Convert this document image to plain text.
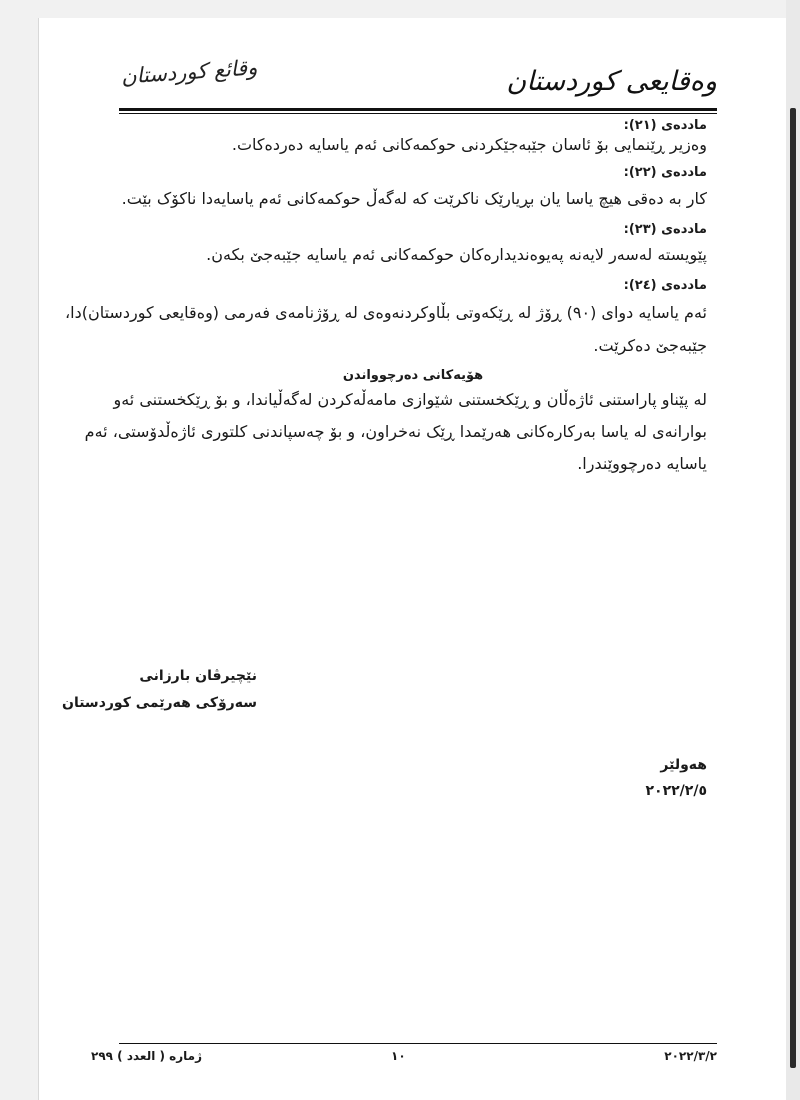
وقائع کوردستان	وەقایعی کوردستان
ماددەی (٢١):
وەزیر ڕێنمایی بۆ ئاسان جێبەجێکردنی حوکمەکانی ئەم یاسایە دەردەکات.
ماددەی (٢٢):
کار بە دەقی هیچ یاسا یان بڕیارێک ناکرێت کە لەگەڵ حوکمەکانی ئەم یاسایەدا ناکۆک بێت.
ماددەی (٢٣):
پێویستە لەسەر لایەنە پەیوەندیدارەکان حوکمەکانی ئەم یاسایە جێبەجێ بکەن.
ماددەی (٢٤):
ئەم یاسایە دوای (٩٠) ڕۆژ لە ڕێکەوتی بڵاوکردنەوەی لە ڕۆژنامەی فەرمی (وەقایعی کوردستان)دا،
جێبەجێ دەکرێت.
هۆیەکانی دەرچوواندن
لە پێناو پاراستنی ئاژەڵان و ڕێکخستنی شێوازی مامەڵەکردن لەگەڵیاندا، و بۆ ڕێکخستنی ئەو
بوارانەی لە یاسا بەرکارەکانی هەرێمدا ڕێک نەخراون، و بۆ چەسپاندنی کلتوری ئاژەڵدۆستی، ئەم
یاسایە دەرچووێندرا.
نێچیرڤان بارزانی
سەرۆکی هەرێمی کوردستان
هەولێر
٢٠٢٢/٢/٥
ژمارە ( العدد ) ٢٩٩	١٠	٢٠٢٢/٣/٢
